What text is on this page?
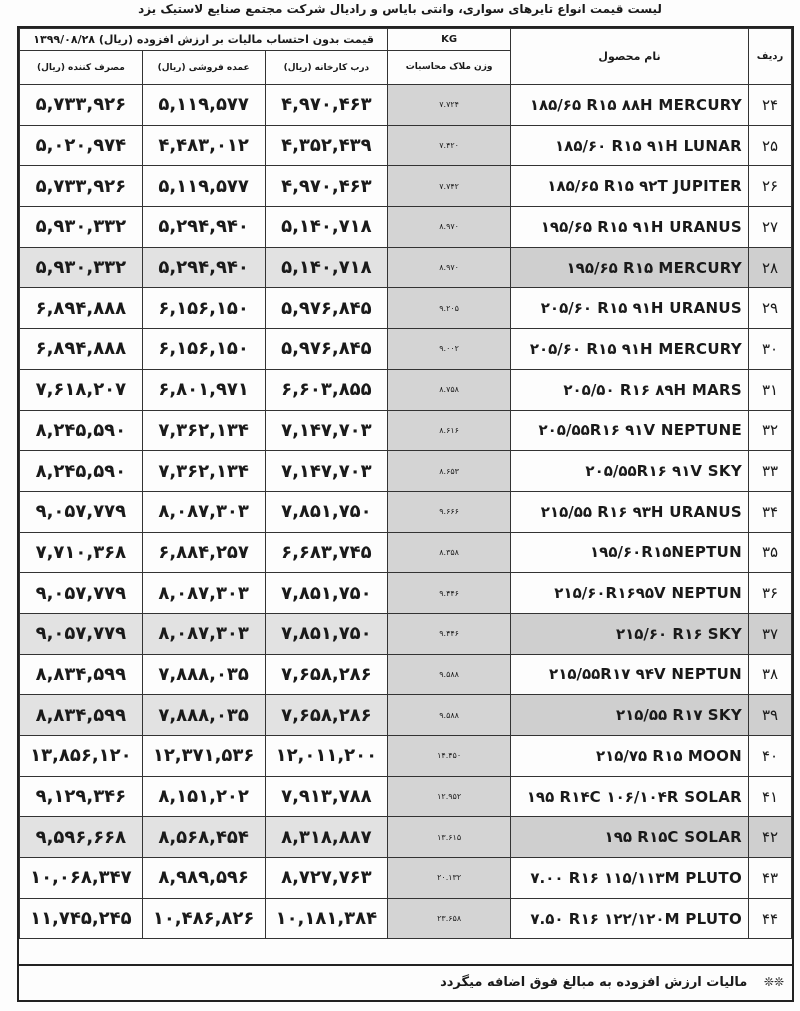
لیست قیمت انواع تایرهای سواری، وانتی بایاس و رادیال شرکت مجتمع صنایع لاستیک یزد
ردیف	نام محصول	KG	قیمت بدون احتساب مالیات بر ارزش افزوده (ریال) ۱۳۹۹/۰۸/۲۸		
		وزن ملاک محاسبات	درب کارخانه (ریال)	عمده فروشی (ریال)	مصرف کننده (ریال)
۲۴	۱۸۵/۶۵ R۱۵ ۸۸H MERCURY	۷.۷۲۴	۴,۹۷۰,۴۶۳	۵,۱۱۹,۵۷۷	۵,۷۳۳,۹۲۶
۲۵	۱۸۵/۶۰ R۱۵ ۹۱H LUNAR	۷.۴۲۰	۴,۳۵۲,۴۳۹	۴,۴۸۳,۰۱۲	۵,۰۲۰,۹۷۴
۲۶	۱۸۵/۶۵ R۱۵ ۹۲T JUPITER	۷.۷۴۲	۴,۹۷۰,۴۶۳	۵,۱۱۹,۵۷۷	۵,۷۳۳,۹۲۶
۲۷	۱۹۵/۶۵ R۱۵ ۹۱H URANUS	۸.۹۷۰	۵,۱۴۰,۷۱۸	۵,۲۹۴,۹۴۰	۵,۹۳۰,۳۳۲
۲۸	۱۹۵/۶۵ R۱۵ MERCURY	۸.۹۷۰	۵,۱۴۰,۷۱۸	۵,۲۹۴,۹۴۰	۵,۹۳۰,۳۳۲
۲۹	۲۰۵/۶۰ R۱۵ ۹۱H URANUS	۹.۲۰۵	۵,۹۷۶,۸۴۵	۶,۱۵۶,۱۵۰	۶,۸۹۴,۸۸۸
۳۰	۲۰۵/۶۰ R۱۵ ۹۱H MERCURY	۹.۰۰۲	۵,۹۷۶,۸۴۵	۶,۱۵۶,۱۵۰	۶,۸۹۴,۸۸۸
۳۱	۲۰۵/۵۰ R۱۶ ۸۹H MARS	۸.۷۵۸	۶,۶۰۳,۸۵۵	۶,۸۰۱,۹۷۱	۷,۶۱۸,۲۰۷
۳۲	۲۰۵/۵۵R۱۶ ۹۱V NEPTUNE	۸.۶۱۶	۷,۱۴۷,۷۰۳	۷,۳۶۲,۱۳۴	۸,۲۴۵,۵۹۰
۳۳	۲۰۵/۵۵R۱۶ ۹۱V SKY	۸.۶۵۳	۷,۱۴۷,۷۰۳	۷,۳۶۲,۱۳۴	۸,۲۴۵,۵۹۰
۳۴	۲۱۵/۵۵ R۱۶ ۹۳H URANUS	۹.۶۶۶	۷,۸۵۱,۷۵۰	۸,۰۸۷,۳۰۳	۹,۰۵۷,۷۷۹
۳۵	۱۹۵/۶۰R۱۵NEPTUN	۸.۳۵۸	۶,۶۸۳,۷۴۵	۶,۸۸۴,۲۵۷	۷,۷۱۰,۳۶۸
۳۶	۲۱۵/۶۰R۱۶۹۵V NEPTUN	۹.۴۴۶	۷,۸۵۱,۷۵۰	۸,۰۸۷,۳۰۳	۹,۰۵۷,۷۷۹
۳۷	۲۱۵/۶۰ R۱۶ SKY	۹.۴۴۶	۷,۸۵۱,۷۵۰	۸,۰۸۷,۳۰۳	۹,۰۵۷,۷۷۹
۳۸	۲۱۵/۵۵R۱۷ ۹۴V NEPTUN	۹.۵۸۸	۷,۶۵۸,۲۸۶	۷,۸۸۸,۰۳۵	۸,۸۳۴,۵۹۹
۳۹	۲۱۵/۵۵ R۱۷ SKY	۹.۵۸۸	۷,۶۵۸,۲۸۶	۷,۸۸۸,۰۳۵	۸,۸۳۴,۵۹۹
۴۰	۲۱۵/۷۵ R۱۵ MOON	۱۴.۴۵۰	۱۲,۰۱۱,۲۰۰	۱۲,۳۷۱,۵۳۶	۱۳,۸۵۶,۱۲۰
۴۱	۱۹۵ R۱۴C ۱۰۶/۱۰۴R SOLAR	۱۲.۹۵۲	۷,۹۱۳,۷۸۸	۸,۱۵۱,۲۰۲	۹,۱۲۹,۳۴۶
۴۲	۱۹۵ R۱۵C SOLAR	۱۳.۶۱۵	۸,۳۱۸,۸۸۷	۸,۵۶۸,۴۵۴	۹,۵۹۶,۶۶۸
۴۳	۷.۰۰ R۱۶ ۱۱۵/۱۱۳M PLUTO	۲۰.۱۳۲	۸,۷۲۷,۷۶۳	۸,۹۸۹,۵۹۶	۱۰,۰۶۸,۳۴۷
۴۴	۷.۵۰ R۱۶ ۱۲۲/۱۲۰M PLUTO	۲۳.۶۵۸	۱۰,۱۸۱,۳۸۴	۱۰,۴۸۶,۸۲۶	۱۱,۷۴۵,۲۴۵
❊❊ مالیات ارزش افزوده به مبالغ فوق اضافه میگردد
